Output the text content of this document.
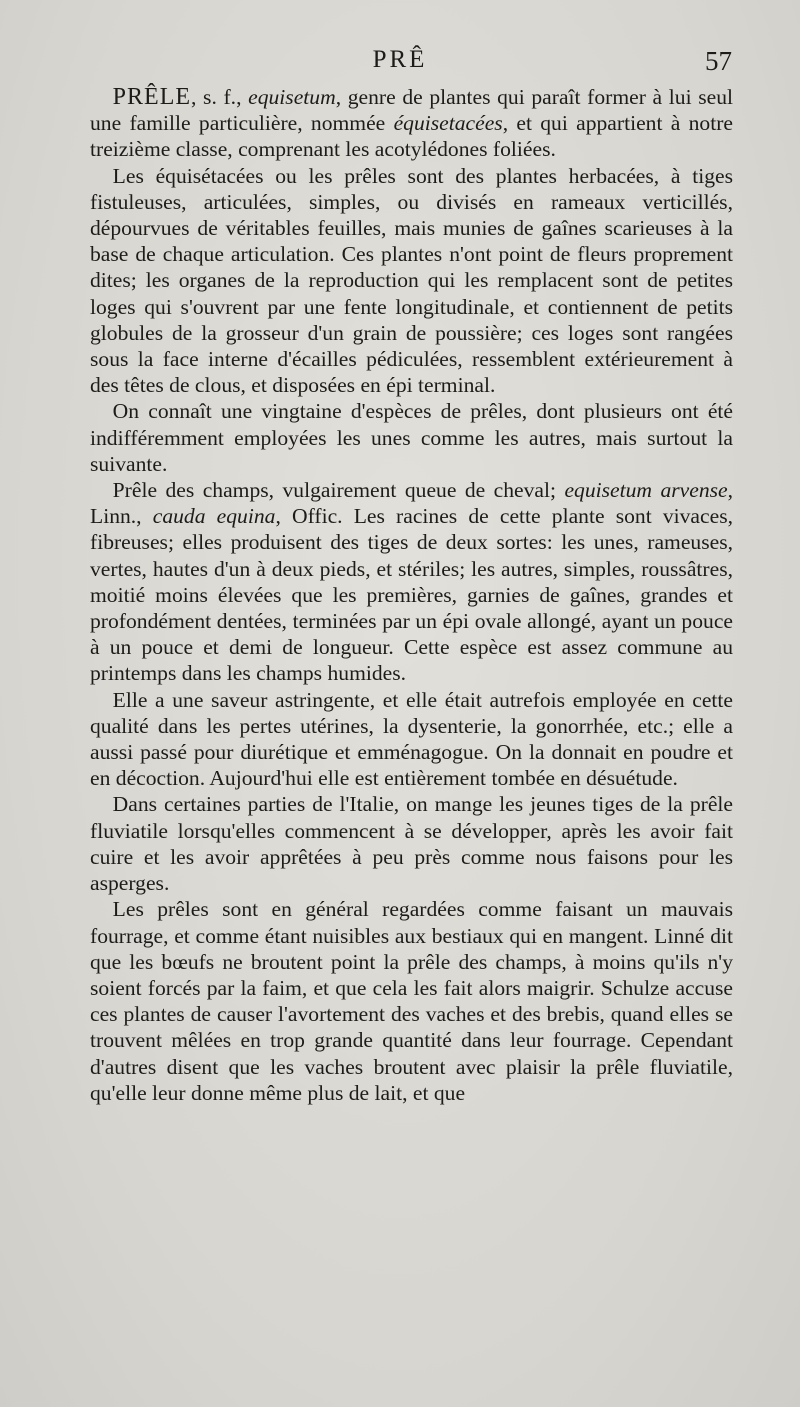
PRÊ	57

PRÊLE, s. f., equisetum, genre de plantes qui paraît former à lui seul une famille particulière, nommée équisetacées, et qui appartient à notre treizième classe, comprenant les acotylédones foliées.

Les équisétacées ou les prêles sont des plantes herbacées, à tiges fistuleuses, articulées, simples, ou divisés en rameaux verticillés, dépourvues de véritables feuilles, mais munies de gaînes scarieuses à la base de chaque articulation. Ces plantes n'ont point de fleurs proprement dites; les organes de la reproduction qui les remplacent sont de petites loges qui s'ouvrent par une fente longitudinale, et contiennent de petits globules de la grosseur d'un grain de poussière; ces loges sont rangées sous la face interne d'écailles pédiculées, ressemblent extérieurement à des têtes de clous, et disposées en épi terminal.

On connaît une vingtaine d'espèces de prêles, dont plusieurs ont été indifféremment employées les unes comme les autres, mais surtout la suivante.

Prêle des champs, vulgairement queue de cheval; equisetum arvense, Linn., cauda equina, Offic. Les racines de cette plante sont vivaces, fibreuses; elles produisent des tiges de deux sortes: les unes, rameuses, vertes, hautes d'un à deux pieds, et stériles; les autres, simples, roussâtres, moitié moins élevées que les premières, garnies de gaînes, grandes et profondément dentées, terminées par un épi ovale allongé, ayant un pouce à un pouce et demi de longueur. Cette espèce est assez commune au printemps dans les champs humides.

Elle a une saveur astringente, et elle était autrefois employée en cette qualité dans les pertes utérines, la dysenterie, la gonorrhée, etc.; elle a aussi passé pour diurétique et emménagogue. On la donnait en poudre et en décoction. Aujourd'hui elle est entièrement tombée en désuétude.

Dans certaines parties de l'Italie, on mange les jeunes tiges de la prêle fluviatile lorsqu'elles commencent à se développer, après les avoir fait cuire et les avoir apprêtées à peu près comme nous faisons pour les asperges.

Les prêles sont en général regardées comme faisant un mauvais fourrage, et comme étant nuisibles aux bestiaux qui en mangent. Linné dit que les bœufs ne broutent point la prêle des champs, à moins qu'ils n'y soient forcés par la faim, et que cela les fait alors maigrir. Schulze accuse ces plantes de causer l'avortement des vaches et des brebis, quand elles se trouvent mêlées en trop grande quantité dans leur fourrage. Cependant d'autres disent que les vaches broutent avec plaisir la prêle fluviatile, qu'elle leur donne même plus de lait, et que
